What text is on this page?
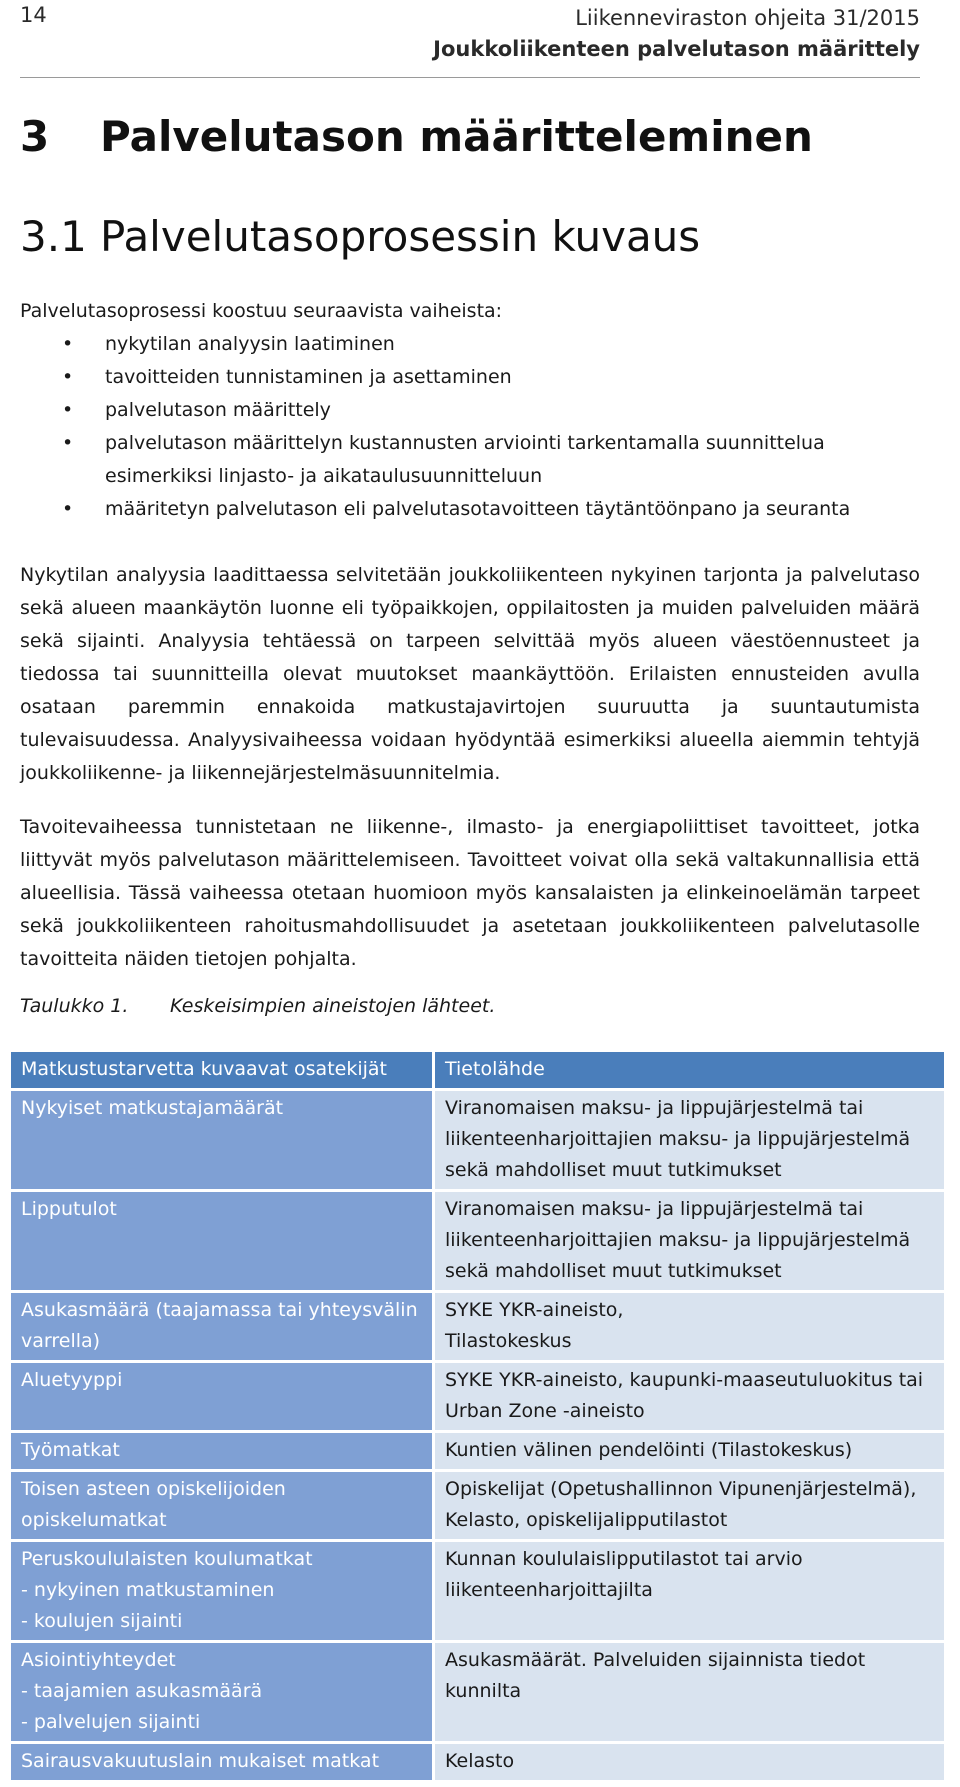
14	Liikenneviraston ohjeita 31/2015
Joukkoliikenteen palvelutason määrittely
3 Palvelutason määritteleminen
3.1 Palvelutasoprosessin kuvaus
Palvelutasoprosessi koostuu seuraavista vaiheista:
• nykytilan analyysin laatiminen
• tavoitteiden tunnistaminen ja asettaminen
• palvelutason määrittely
• palvelutason määrittelyn kustannusten arviointi tarkentamalla suunnittelua esimerkiksi linjasto- ja aikataulusuunnitteluun
• määritetyn palvelutason eli palvelutasotavoitteen täytäntöönpano ja seuranta
Nykytilan analyysia laadittaessa selvitetään joukkoliikenteen nykyinen tarjonta ja palvelutaso sekä alueen maankäytön luonne eli työpaikkojen, oppilaitosten ja muiden palveluiden määrä sekä sijainti. Analyysia tehtäessä on tarpeen selvittää myös alueen väestöennusteet ja tiedossa tai suunnitteilla olevat muutokset maankäyttöön. Erilaisten ennusteiden avulla osataan paremmin ennakoida matkustajavirtojen suuruutta ja suuntautumista tulevaisuudessa. Analyysivaiheessa voidaan hyödyntää esimerkiksi alueella aiemmin tehtyjä joukkoliikenne- ja liikennejärjestelmäsuunnitelmia.
Tavoitevaiheessa tunnistetaan ne liikenne-, ilmasto- ja energiapoliittiset tavoitteet, jotka liittyvät myös palvelutason määrittelemiseen. Tavoitteet voivat olla sekä valtakunnallisia että alueellisia. Tässä vaiheessa otetaan huomioon myös kansalaisten ja elinkeinoelämän tarpeet sekä joukkoliikenteen rahoitusmahdollisuudet ja asetetaan joukkoliikenteen palvelutasolle tavoitteita näiden tietojen pohjalta.
Taulukko 1. Keskeisimpien aineistojen lähteet.
Matkustustarvetta kuvaavat osatekijät	Tietolähde
Nykyiset matkustajamäärät	Viranomaisen maksu- ja lippujärjestelmä tai liikenteenharjoittajien maksu- ja lippujärjestelmä sekä mahdolliset muut tutkimukset
Lipputulot	Viranomaisen maksu- ja lippujärjestelmä tai liikenteenharjoittajien maksu- ja lippujärjestelmä sekä mahdolliset muut tutkimukset
Asukasmäärä (taajamassa tai yhteysvälin varrella)	SYKE YKR-aineisto,
Tilastokeskus
Aluetyyppi	SYKE YKR-aineisto, kaupunki-maaseutuluokitus tai Urban Zone -aineisto
Työmatkat	Kuntien välinen pendelöinti (Tilastokeskus)
Toisen asteen opiskelijoiden opiskelumatkat	Opiskelijat (Opetushallinnon Vipunenjärjestelmä), Kelasto, opiskelijalipputilastot
Peruskoululaisten koulumatkat
- nykyinen matkustaminen
- koulujen sijainti	Kunnan koululaislipputilastot tai arvio liikenteenharjoittajilta
Asiointiyhteydet
- taajamien asukasmäärä
- palvelujen sijainti	Asukasmäärät. Palveluiden sijainnista tiedot kunnilta
Sairausvakuutuslain mukaiset matkat	Kelasto
